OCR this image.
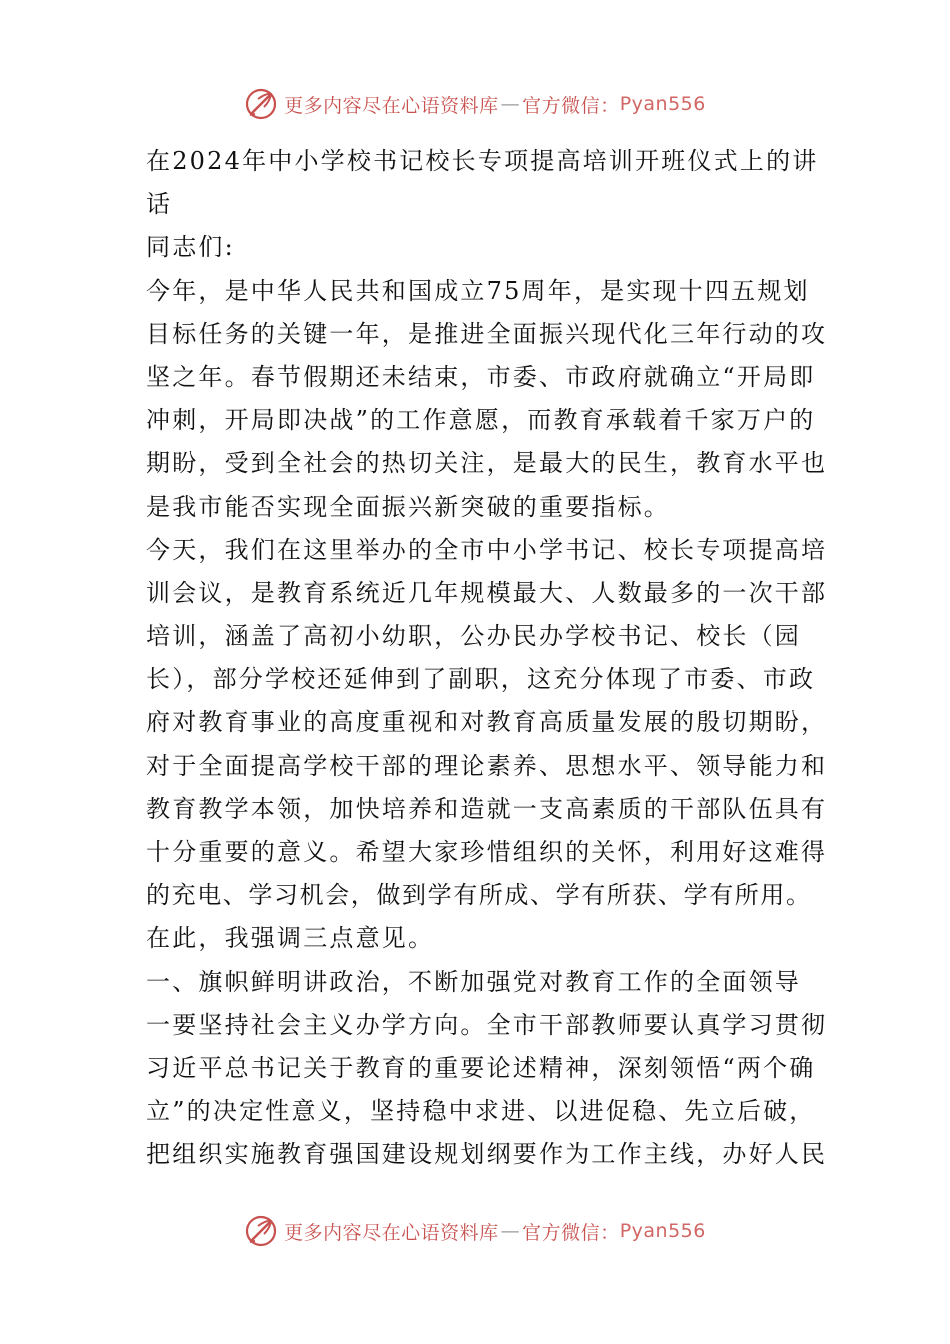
更多内容尽在心语资料库 — 官方微信： Pyan556
在2024年中小学校书记校长专项提高培训开班仪式上的讲
话
同志们:
今年，是中华人民共和国成立75周年，是实现十四五规划
目标任务的关键一年，是推进全面振兴现代化三年行动的攻
坚之年。春节假期还未结束，市委、市政府就确立“开局即
冲刺，开局即决战”的工作意愿，而教育承载着千家万户的
期盼，受到全社会的热切关注，是最大的民生，教育水平也
是我市能否实现全面振兴新突破的重要指标。
今天，我们在这里举办的全市中小学书记、校长专项提高培
训会议，是教育系统近几年规模最大、人数最多的一次干部
培训，涵盖了高初小幼职，公办民办学校书记、校长（园
长），部分学校还延伸到了副职，这充分体现了市委、市政
府对教育事业的高度重视和对教育高质量发展的殷切期盼，
对于全面提高学校干部的理论素养、思想水平、领导能力和
教育教学本领，加快培养和造就一支高素质的干部队伍具有
十分重要的意义。希望大家珍惜组织的关怀，利用好这难得
的充电、学习机会，做到学有所成、学有所获、学有所用。
在此，我强调三点意见。
一、旗帜鲜明讲政治，不断加强党对教育工作的全面领导
一要坚持社会主义办学方向。全市干部教师要认真学习贯彻
习近平总书记关于教育的重要论述精神，深刻领悟“两个确
立”的决定性意义，坚持稳中求进、以进促稳、先立后破，
把组织实施教育强国建设规划纲要作为工作主线，办好人民
更多内容尽在心语资料库 — 官方微信： Pyan556
